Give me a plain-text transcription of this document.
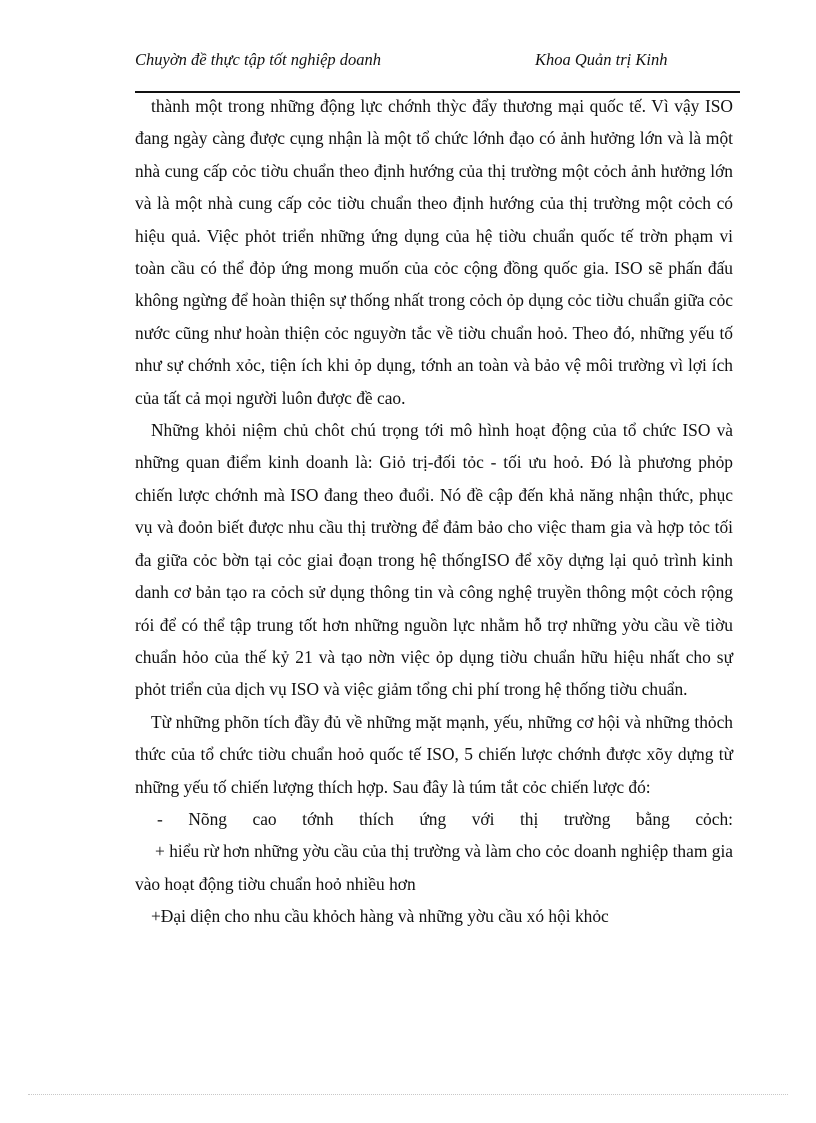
Chuyờn đề thực tập tốt nghiệp doanh	Khoa Quản trị Kinh

thành một trong những động lực chớnh thỳc đẩy thương mại quốc tế. Vì vậy ISO đang ngày càng được cụng nhận là một tổ chức lớnh đạo có ảnh hưởng lớn và là một nhà cung cấp cỏc tiờu chuẩn theo định hướng của thị trường một cỏch ảnh hưởng lớn và là một nhà cung cấp cỏc tiờu chuẩn theo định hướng của thị trường một cỏch có hiệu quả. Việc phỏt triển những ứng dụng của hệ tiờu chuẩn quốc tế trờn phạm vi toàn cầu có thể đỏp ứng mong muốn của cỏc cộng đồng quốc gia. ISO sẽ phấn đấu không ngừng để hoàn thiện sự thống nhất trong cỏch ỏp dụng cỏc tiờu chuẩn giữa cỏc nước cũng như hoàn thiện cỏc nguyờn tắc về tiờu chuẩn hoỏ. Theo đó, những yếu tố như sự chớnh xỏc, tiện ích khi ỏp dụng, tớnh an toàn và bảo vệ môi trường vì lợi ích của tất cả mọi người luôn được đề cao.

Những khỏi niệm chủ chôt chú trọng tới mô hình hoạt động của tổ chức ISO và những quan điểm kinh doanh là: Giỏ trị-đối tỏc - tối ưu hoỏ. Đó là phương phỏp chiến lược chớnh mà ISO đang theo đuổi. Nó đề cập đến khả năng nhận thức, phục vụ và đoỏn biết được nhu cầu thị trường để đảm bảo cho việc tham gia và hợp tỏc tối đa giữa cỏc bờn tại cỏc giai đoạn trong hệ thốngISO để xõy dựng lại quỏ trình kinh danh cơ bản tạo ra cỏch sử dụng thông tin và công nghệ truyền thông một cỏch rộng rói để có thể tập trung tốt hơn những nguồn lực nhằm hỗ trợ những yờu cầu về tiờu chuẩn hỏo của thế kỷ 21 và tạo nờn việc ỏp dụng tiờu chuẩn hữu hiệu nhất cho sự phỏt triển của dịch vụ ISO và việc giảm tổng chi phí trong hệ thống tiờu chuẩn.

Từ những phõn tích đầy đủ về những mặt mạnh, yếu, những cơ hội và những thỏch thức của tổ chức tiờu chuẩn hoỏ quốc tế ISO, 5 chiến lược chớnh được xõy dựng từ những yếu tố chiến lượng thích hợp. Sau đây là túm tắt cỏc chiến lược đó:

- Nõng cao tớnh thích ứng với thị trường bằng cỏch:

+ hiểu rừ hơn những yờu cầu của thị trường và làm cho cỏc doanh nghiệp tham gia vào hoạt động tiờu chuẩn hoỏ nhiều hơn

+Đại diện cho nhu cầu khỏch hàng và những yờu cầu xó hội khỏc
